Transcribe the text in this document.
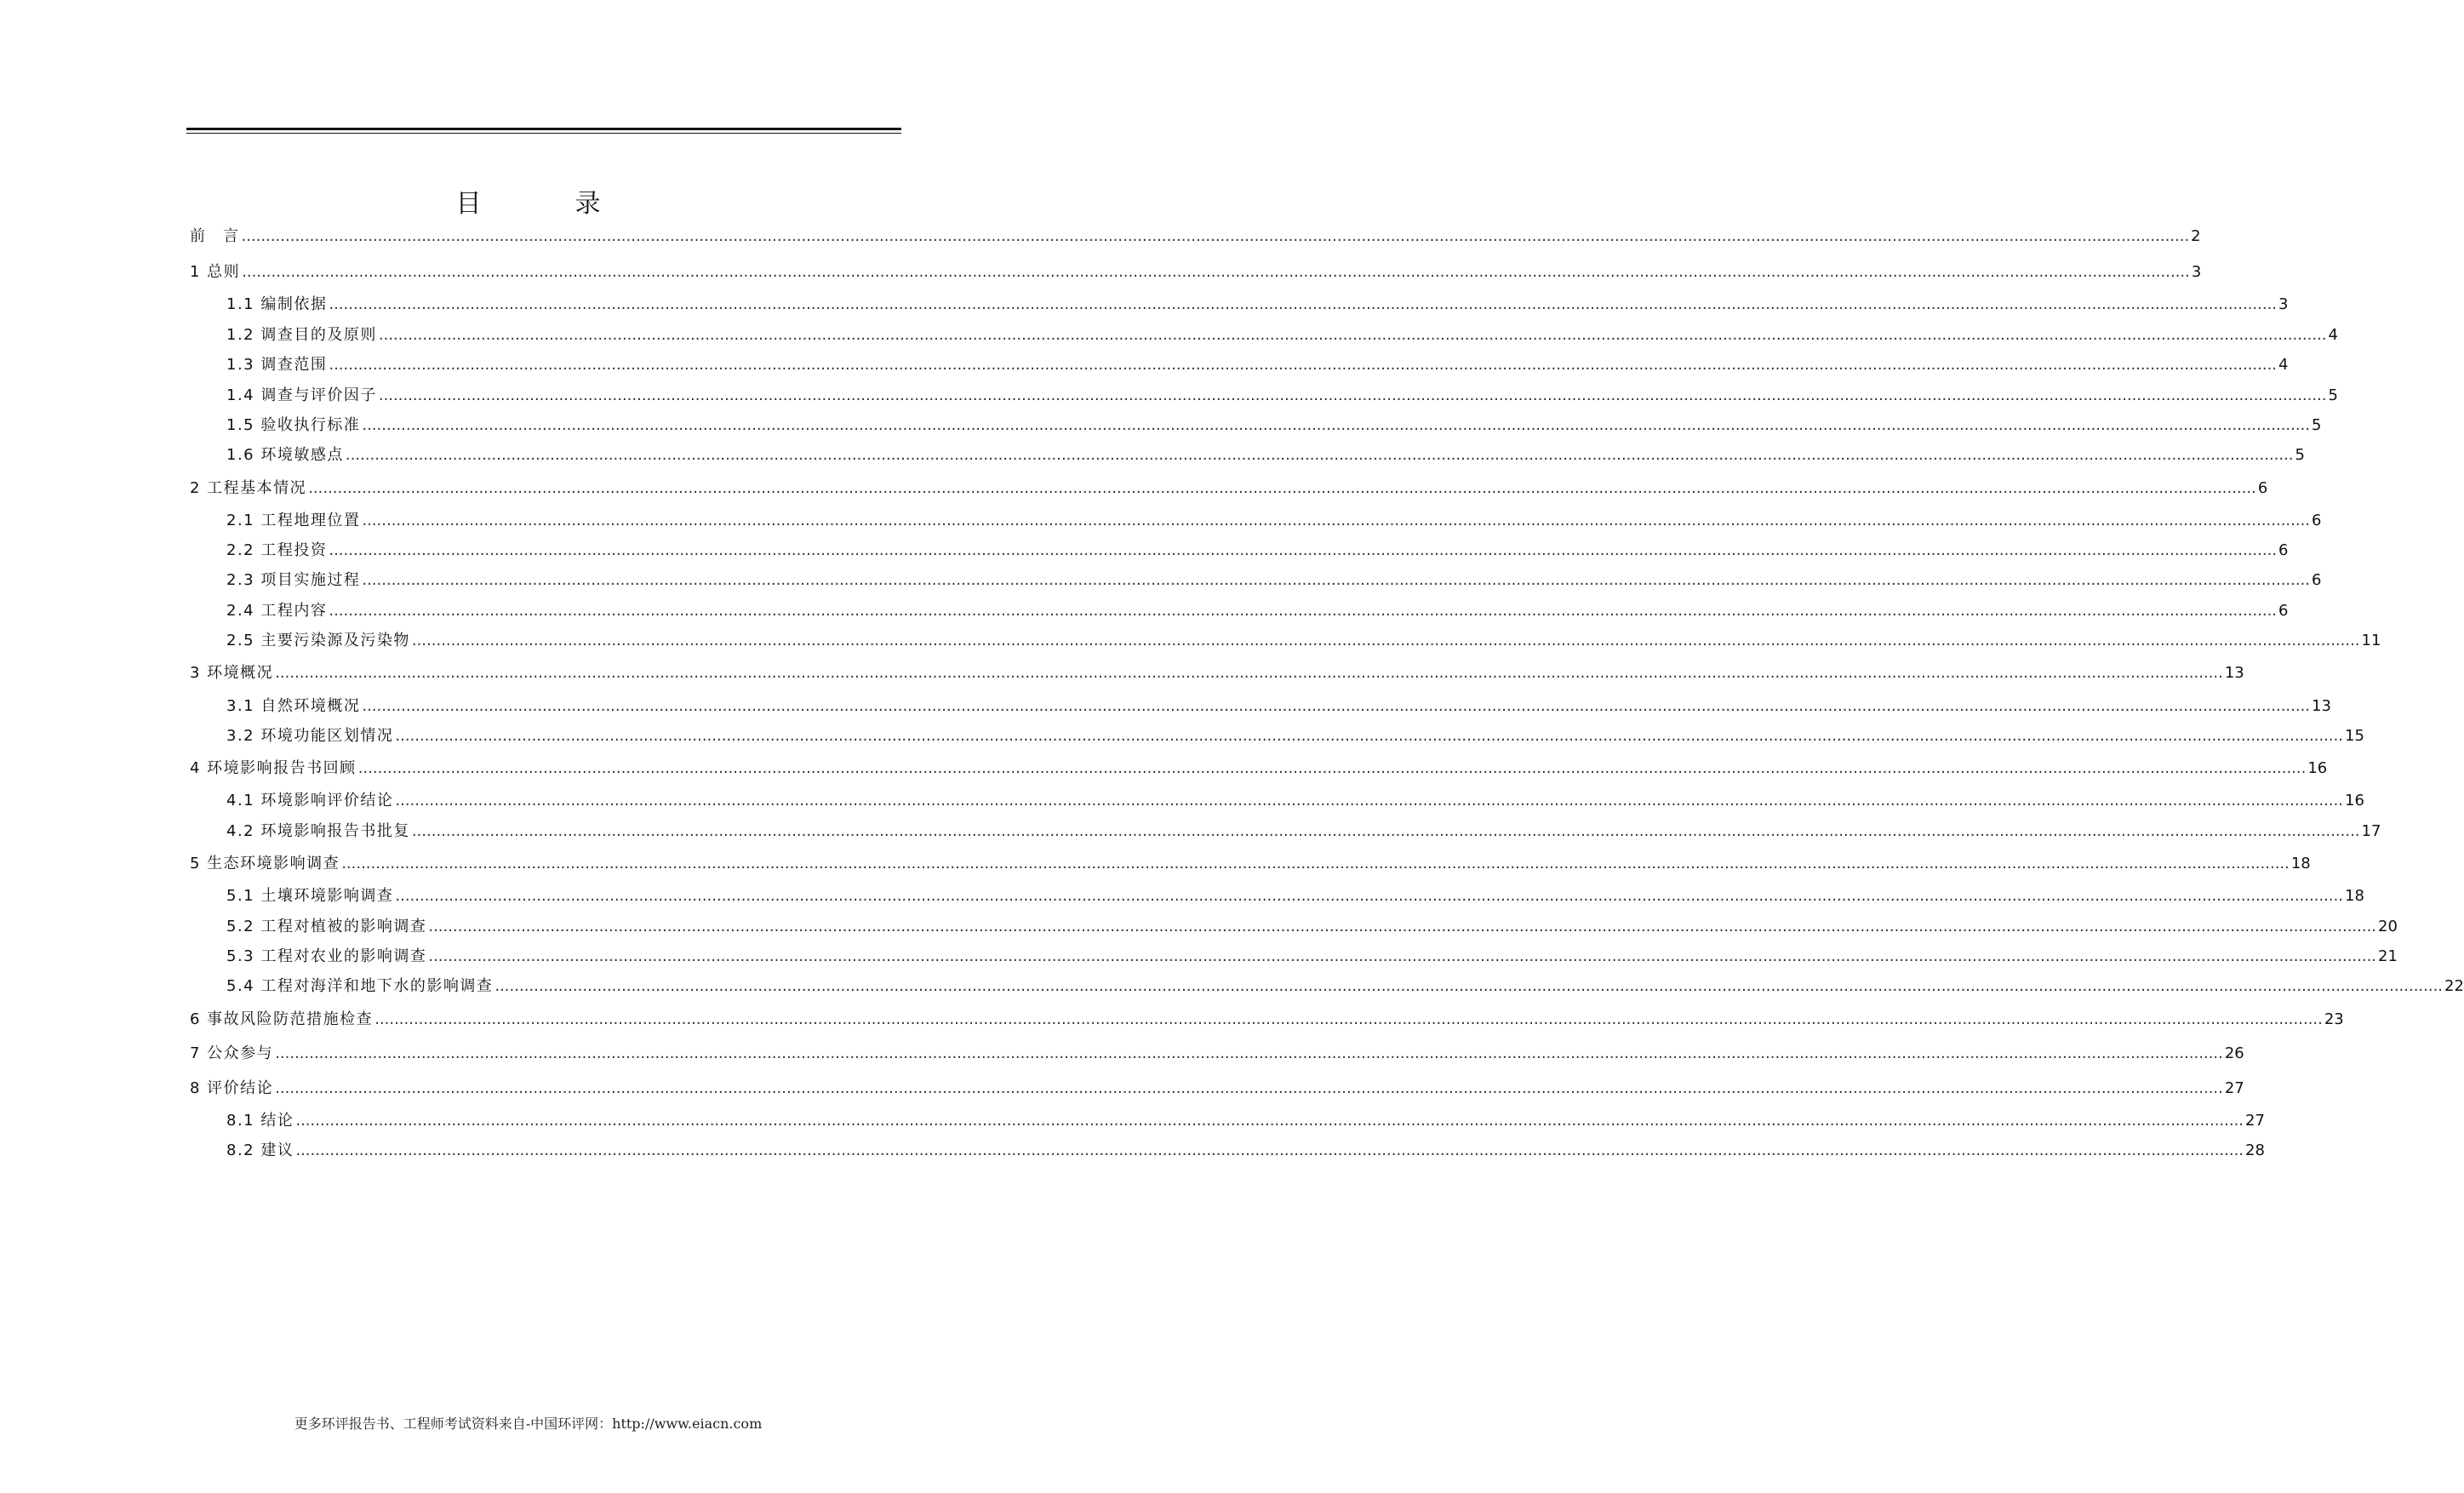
目　录
前　言 ................................................................................................................................................................................................................................................................................................................................................................................................................ 2
1 总则 ................................................................................................................................................................................................................................................................................................................................................................................................................ 3
1.1 编制依据 ................................................................................................................................................................................................................................................................................................................................................................................................................ 3
1.2 调查目的及原则 ................................................................................................................................................................................................................................................................................................................................................................................................................ 4
1.3 调查范围 ................................................................................................................................................................................................................................................................................................................................................................................................................ 4
1.4 调查与评价因子 ................................................................................................................................................................................................................................................................................................................................................................................................................ 5
1.5 验收执行标准 ................................................................................................................................................................................................................................................................................................................................................................................................................ 5
1.6 环境敏感点 ................................................................................................................................................................................................................................................................................................................................................................................................................ 5
2 工程基本情况 ................................................................................................................................................................................................................................................................................................................................................................................................................ 6
2.1 工程地理位置 ................................................................................................................................................................................................................................................................................................................................................................................................................ 6
2.2 工程投资 ................................................................................................................................................................................................................................................................................................................................................................................................................ 6
2.3 项目实施过程 ................................................................................................................................................................................................................................................................................................................................................................................................................ 6
2.4 工程内容 ................................................................................................................................................................................................................................................................................................................................................................................................................ 6
2.5 主要污染源及污染物 ................................................................................................................................................................................................................................................................................................................................................................................................................ 11
3 环境概况 ................................................................................................................................................................................................................................................................................................................................................................................................................ 13
3.1 自然环境概况 ................................................................................................................................................................................................................................................................................................................................................................................................................ 13
3.2 环境功能区划情况 ................................................................................................................................................................................................................................................................................................................................................................................................................ 15
4 环境影响报告书回顾 ................................................................................................................................................................................................................................................................................................................................................................................................................ 16
4.1 环境影响评价结论 ................................................................................................................................................................................................................................................................................................................................................................................................................ 16
4.2 环境影响报告书批复 ................................................................................................................................................................................................................................................................................................................................................................................................................ 17
5 生态环境影响调查 ................................................................................................................................................................................................................................................................................................................................................................................................................ 18
5.1 土壤环境影响调查 ................................................................................................................................................................................................................................................................................................................................................................................................................ 18
5.2 工程对植被的影响调查 ................................................................................................................................................................................................................................................................................................................................................................................................................ 20
5.3 工程对农业的影响调查 ................................................................................................................................................................................................................................................................................................................................................................................................................ 21
5.4 工程对海洋和地下水的影响调查 ................................................................................................................................................................................................................................................................................................................................................................................................................ 22
6 事故风险防范措施检查 ................................................................................................................................................................................................................................................................................................................................................................................................................ 23
7 公众参与 ................................................................................................................................................................................................................................................................................................................................................................................................................ 26
8 评价结论 ................................................................................................................................................................................................................................................................................................................................................................................................................ 27
8.1 结论 ................................................................................................................................................................................................................................................................................................................................................................................................................ 27
8.2 建议 ................................................................................................................................................................................................................................................................................................................................................................................................................ 28
更多环评报告书、工程师考试资料来自-中国环评网：http://www.eiacn.com
